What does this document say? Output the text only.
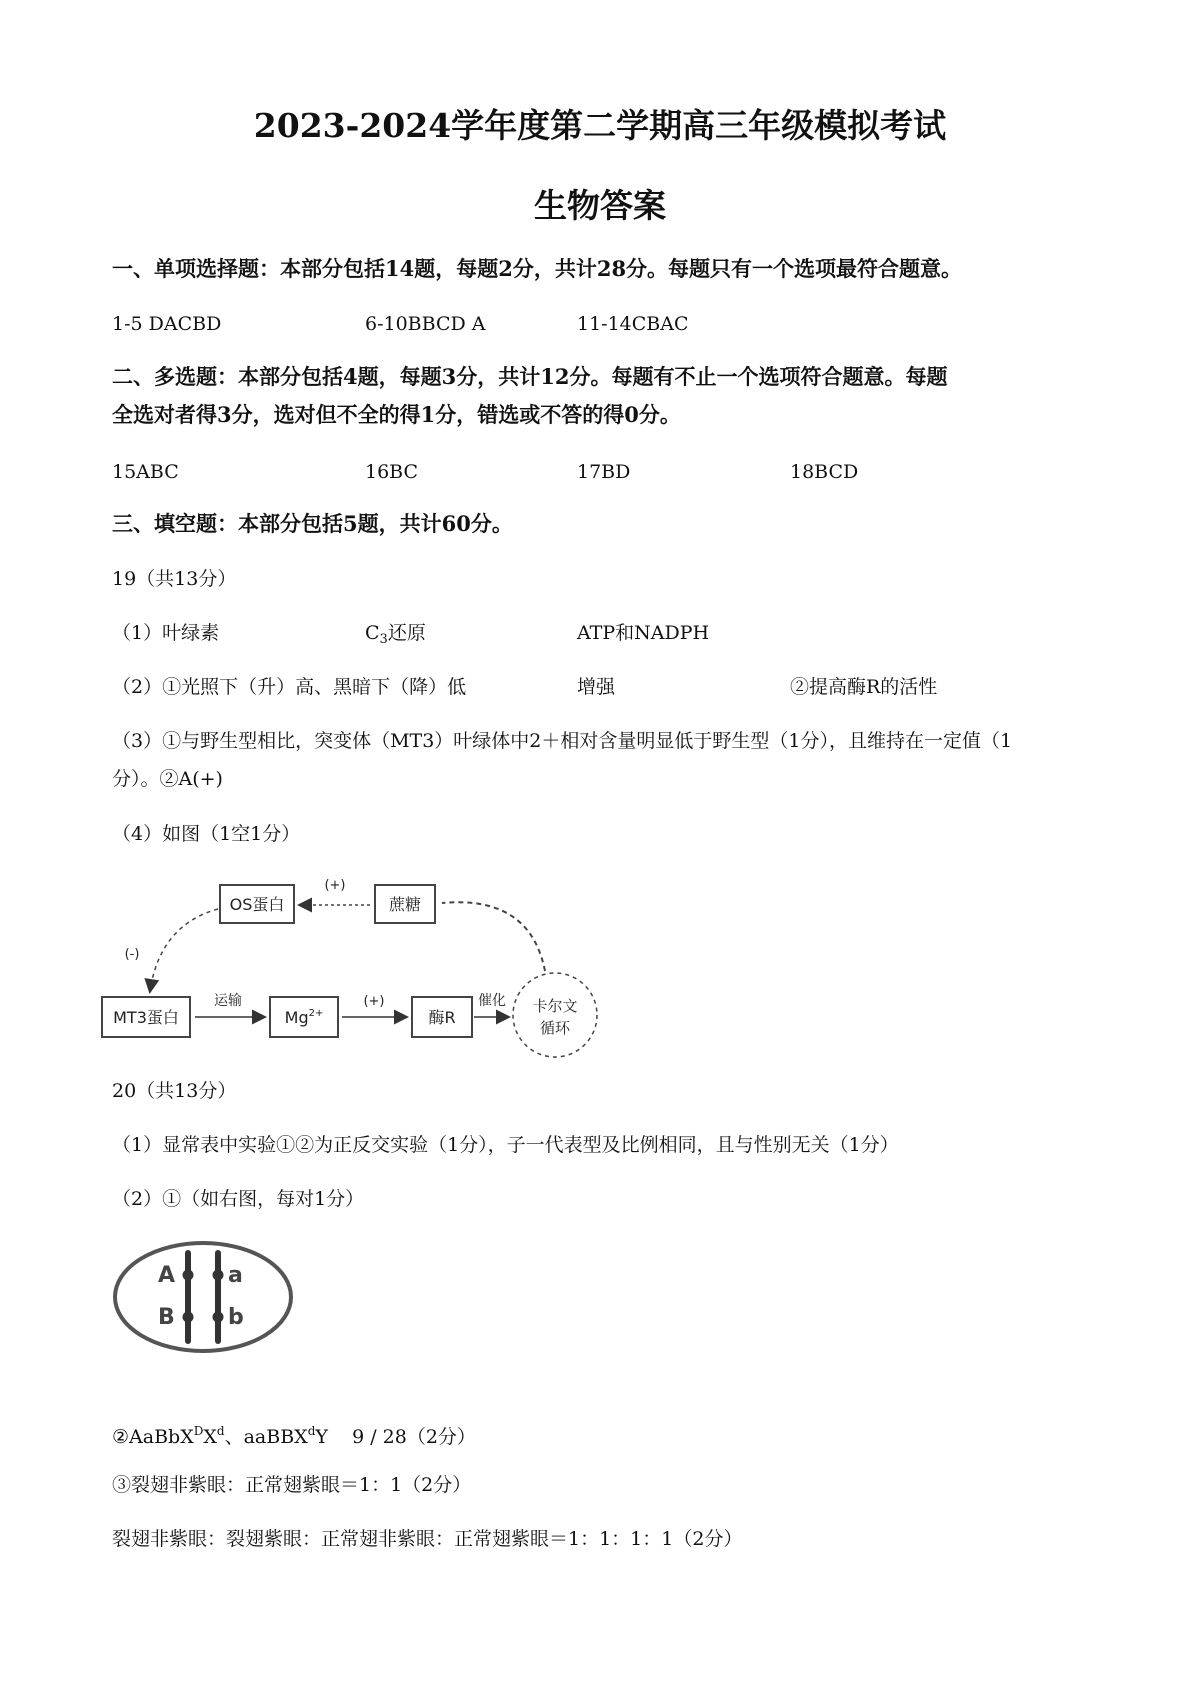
2023-2024学年度第二学期高三年级模拟考试
生物答案
一、单项选择题：本部分包括14题，每题2分，共计28分。每题只有一个选项最符合题意。
1-5 DACBD	6-10BBCD A	11-14CBAC
二、多选题：本部分包括4题，每题3分，共计12分。每题有不止一个选项符合题意。每题
全选对者得3分，选对但不全的得1分，错选或不答的得0分。
15ABC	16BC	17BD	18BCD
三、填空题：本部分包括5题，共计60分。
19（共13分）
（1）叶绿素	$C_3$还原	ATP和NADPH
（2）①光照下（升）高、黑暗下（降）低	增强	②提高酶R的活性
（3）①与野生型相比，突变体（MT3）叶绿体中2＋相对含量明显低于野生型（1分），且维持在一定值（1
分）。②A(+)
（4）如图（1空1分）
OS蛋白	蔗糖
(+)
MT3蛋白
(-)
$Mg^{2+}$
运输
酶R
(+)	卡尔文
循环
催化
20（共13分）
（1）显常表中实验①②为正反交实验（1分），子一代表型及比例相同，且与性别无关（1分）
（2）①（如右图，每对1分）
A a
B b
$②AaBbX^DX^d$、aaBBX$^d$Y 9 / 28（2分）
③裂翅非紫眼：正常翅紫眼＝1：1（2分）
裂翅非紫眼：裂翅紫眼：正常翅非紫眼：正常翅紫眼＝1：1：1：1（2分）
